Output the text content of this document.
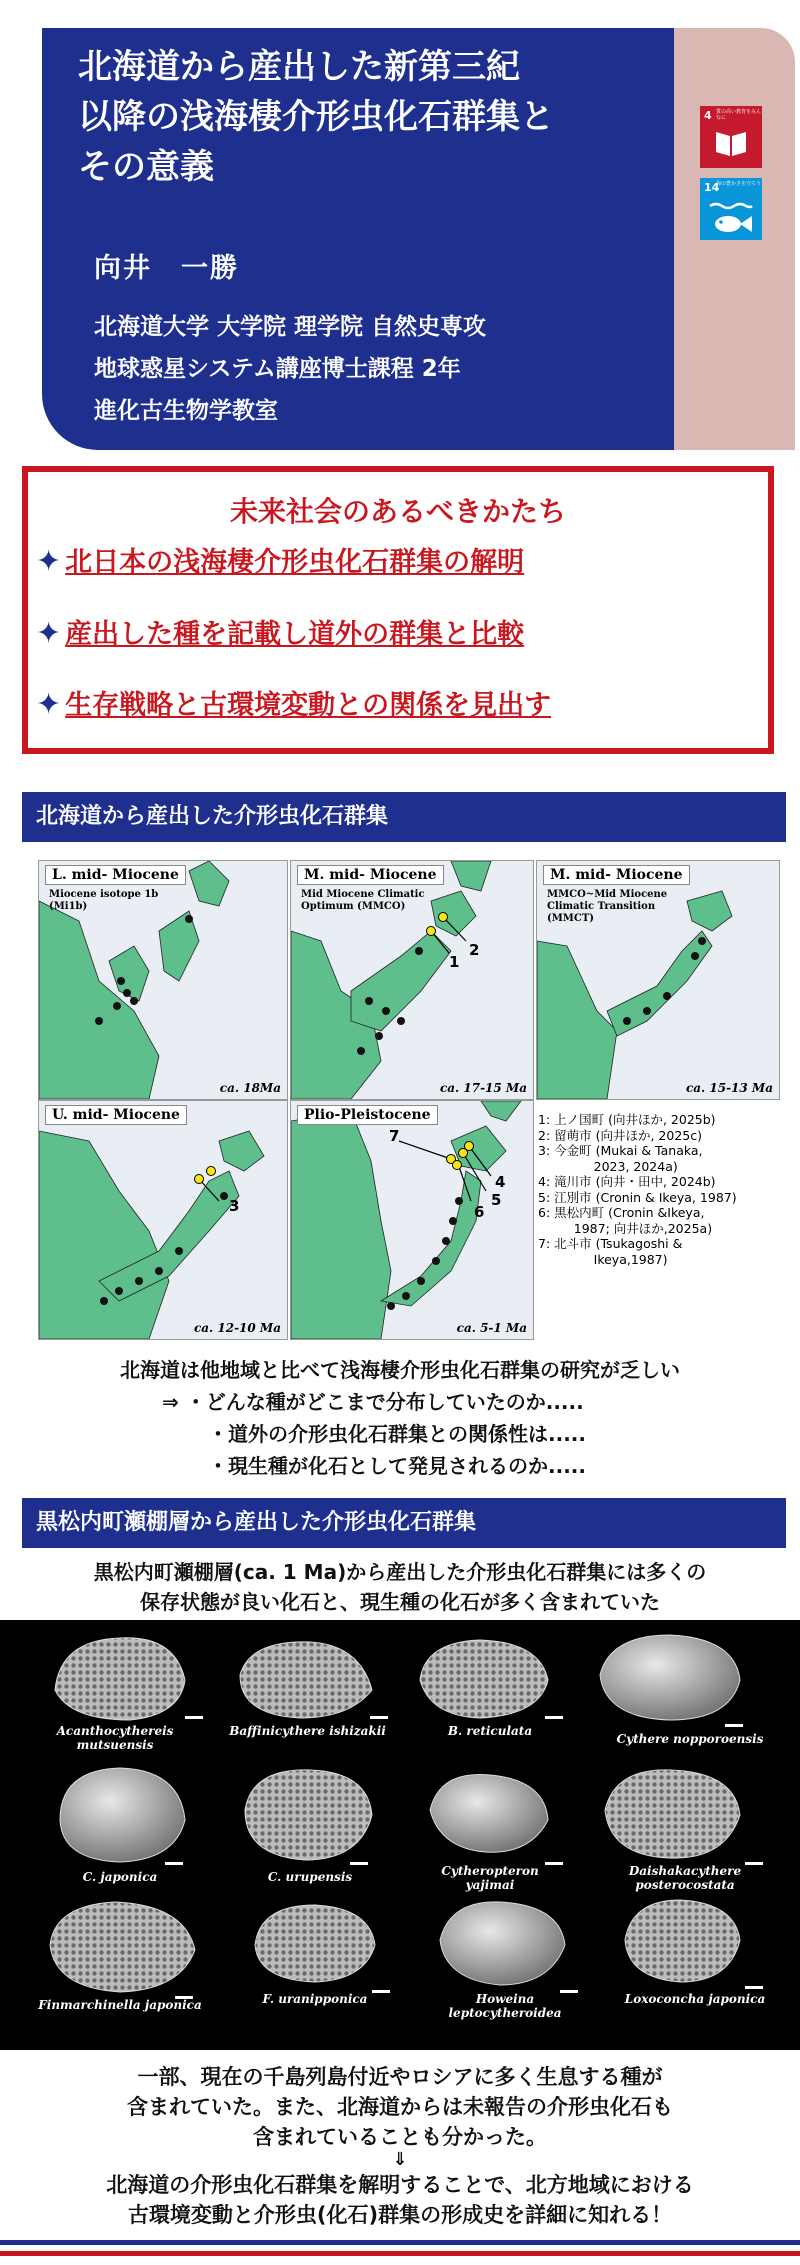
北海道から産出した新第三紀
以降の浅海棲介形虫化石群集と
その意義
向井　一勝
北海道大学 大学院 理学院 自然史専攻
地球惑星システム講座博士課程 2年
進化古生物学教室
4 質の高い教育をみんなに
14
海の豊かさを守ろう
未来社会のあるべきかたち
✦ 北日本の浅海棲介形虫化石群集の解明
✦ 産出した種を記載し道外の群集と比較
✦ 生存戦略と古環境変動との関係を見出す
北海道から産出した介形虫化石群集
L. mid- Miocene
Miocene isotope 1b
(Mi1b)
ca. 18Ma
1
2
M. mid- Miocene
Mid Miocene Climatic
Optimum (MMCO)
ca. 17-15 Ma
M. mid- Miocene
MMCO~Mid Miocene
Climatic Transition
(MMCT)
ca. 15-13 Ma
3
U. mid- Miocene
ca. 12-10 Ma
7
4
5
6
Plio-Pleistocene
ca. 5-1 Ma
1: 上ノ国町 (向井ほか, 2025b)
2: 留萌市 (向井ほか, 2025c)
3: 今金町 (Mukai & Tanaka,
2023, 2024a)
4: 滝川市 (向井・田中, 2024b)
5: 江別市 (Cronin & Ikeya, 1987)
6: 黒松内町 (Cronin &Ikeya,
1987; 向井ほか,2025a)
7: 北斗市 (Tsukagoshi &
Ikeya,1987)
北海道は他地域と比べて浅海棲介形虫化石群集の研究が乏しい
⇒ ・どんな種がどこまで分布していたのか.....
・道外の介形虫化石群集との関係性は.....
・現生種が化石として発見されるのか.....
黒松内町瀬棚層から産出した介形虫化石群集
黒松内町瀬棚層(ca. 1 Ma)から産出した介形虫化石群集には多くの
保存状態が良い化石と、現生種の化石が多く含まれていた
Acanthocythereis
mutsuensis
Baffinicythere ishizakii	B. reticulata
Cythere nopporoensis
C. japonica	C. urupensis	Cytheropteron
yajimai
Daishakacythere
posterocostata
Finmarchinella japonica	F. uranipponica	Howeina
leptocytheroidea
Loxoconcha japonica
一部、現在の千島列島付近やロシアに多く生息する種が
含まれていた。また、北海道からは未報告の介形虫化石も
含まれていることも分かった。
⇓
北海道の介形虫化石群集を解明することで、北方地域における
古環境変動と介形虫(化石)群集の形成史を詳細に知れる！
